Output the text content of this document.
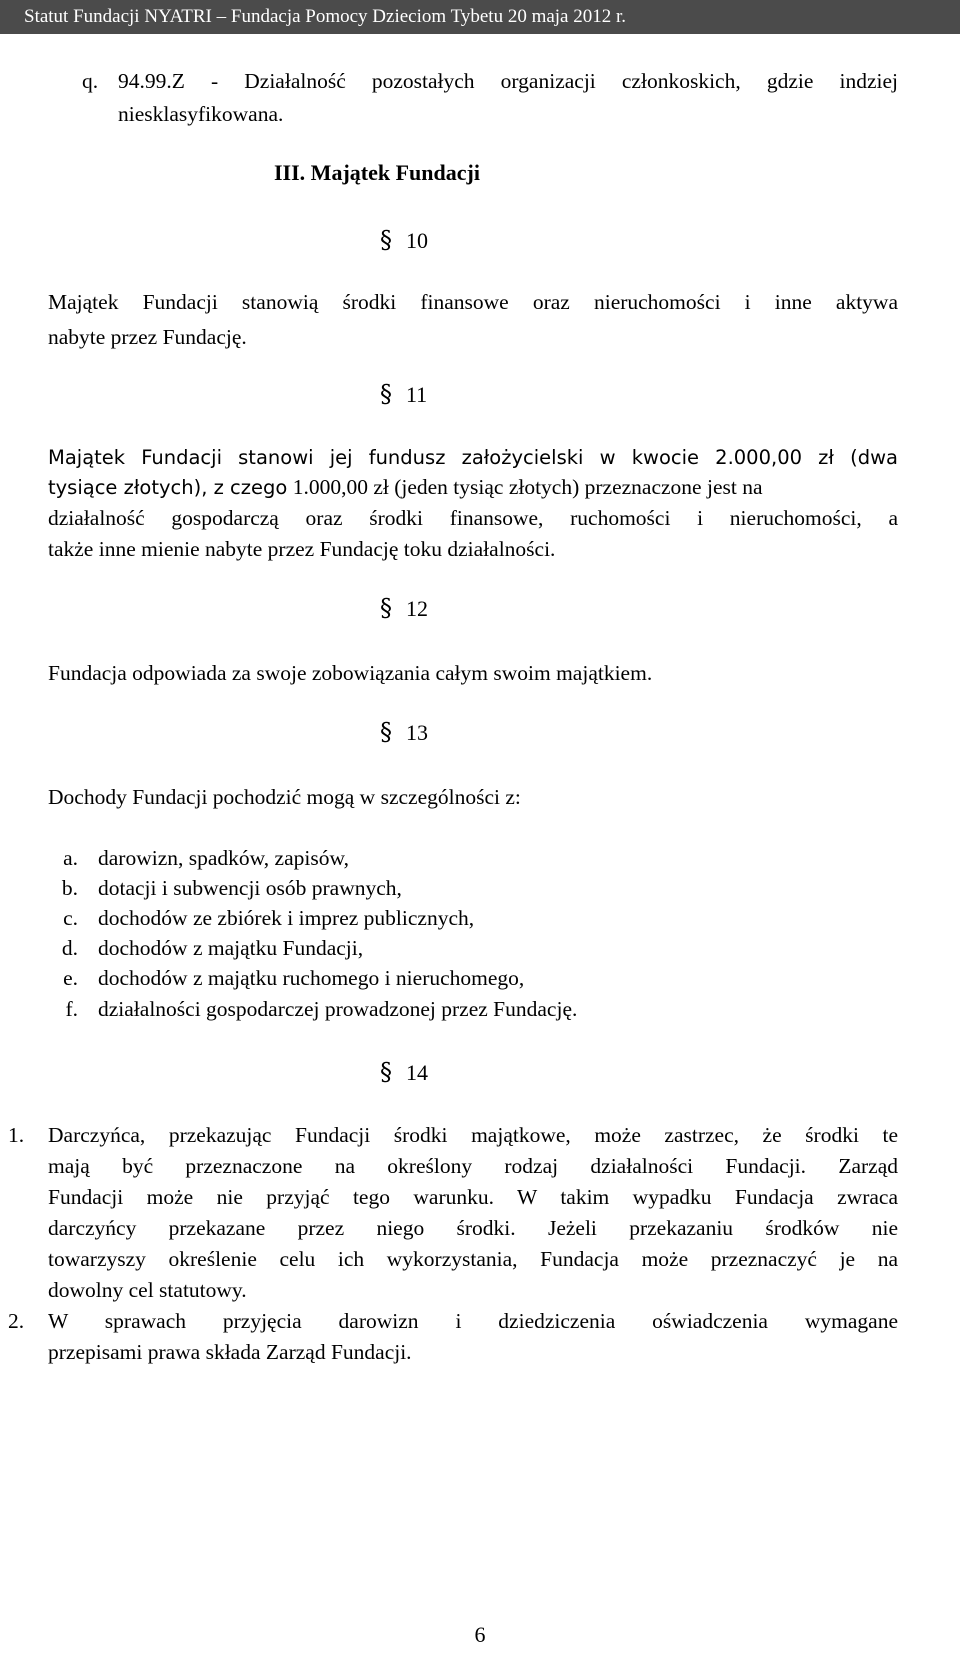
Statut Fundacji NYATRI – Fundacja Pomocy Dzieciom Tybetu 20 maja 2012 r.
q. 94.99.Z - Działalność pozostałych organizacji członkoskich, gdzie indziej
niesklasyfikowana.
III. Majątek Fundacji
§ 10
Majątek Fundacji stanowią środki finansowe oraz nieruchomości i inne aktywa
nabyte przez Fundację.
§ 11
Majątek Fundacji stanowi jej fundusz założycielski w kwocie 2.000,00 zł (dwa
tysiące złotych), z czego 1.000,00 zł (jeden tysiąc złotych) przeznaczone jest na
działalność gospodarczą oraz środki finansowe, ruchomości i nieruchomości, a
także inne mienie nabyte przez Fundację toku działalności.
§ 12
Fundacja odpowiada za swoje zobowiązania całym swoim majątkiem.
§ 13
Dochody Fundacji pochodzić mogą w szczególności z:
a. darowizn, spadków, zapisów,
b. dotacji i subwencji osób prawnych,
c. dochodów ze zbiórek i imprez publicznych,
d. dochodów z majątku Fundacji,
e. dochodów z majątku ruchomego i nieruchomego,
f. działalności gospodarczej prowadzonej przez Fundację.
§ 14
1. Darczyńca, przekazując Fundacji środki majątkowe, może zastrzec, że środki te
mają być przeznaczone na określony rodzaj działalności Fundacji. Zarząd
Fundacji może nie przyjąć tego warunku. W takim wypadku Fundacja zwraca
darczyńcy przekazane przez niego środki. Jeżeli przekazaniu środków nie
towarzyszy określenie celu ich wykorzystania, Fundacja może przeznaczyć je na
dowolny cel statutowy.
2. W sprawach przyjęcia darowizn i dziedziczenia oświadczenia wymagane
przepisami prawa składa Zarząd Fundacji.
6
